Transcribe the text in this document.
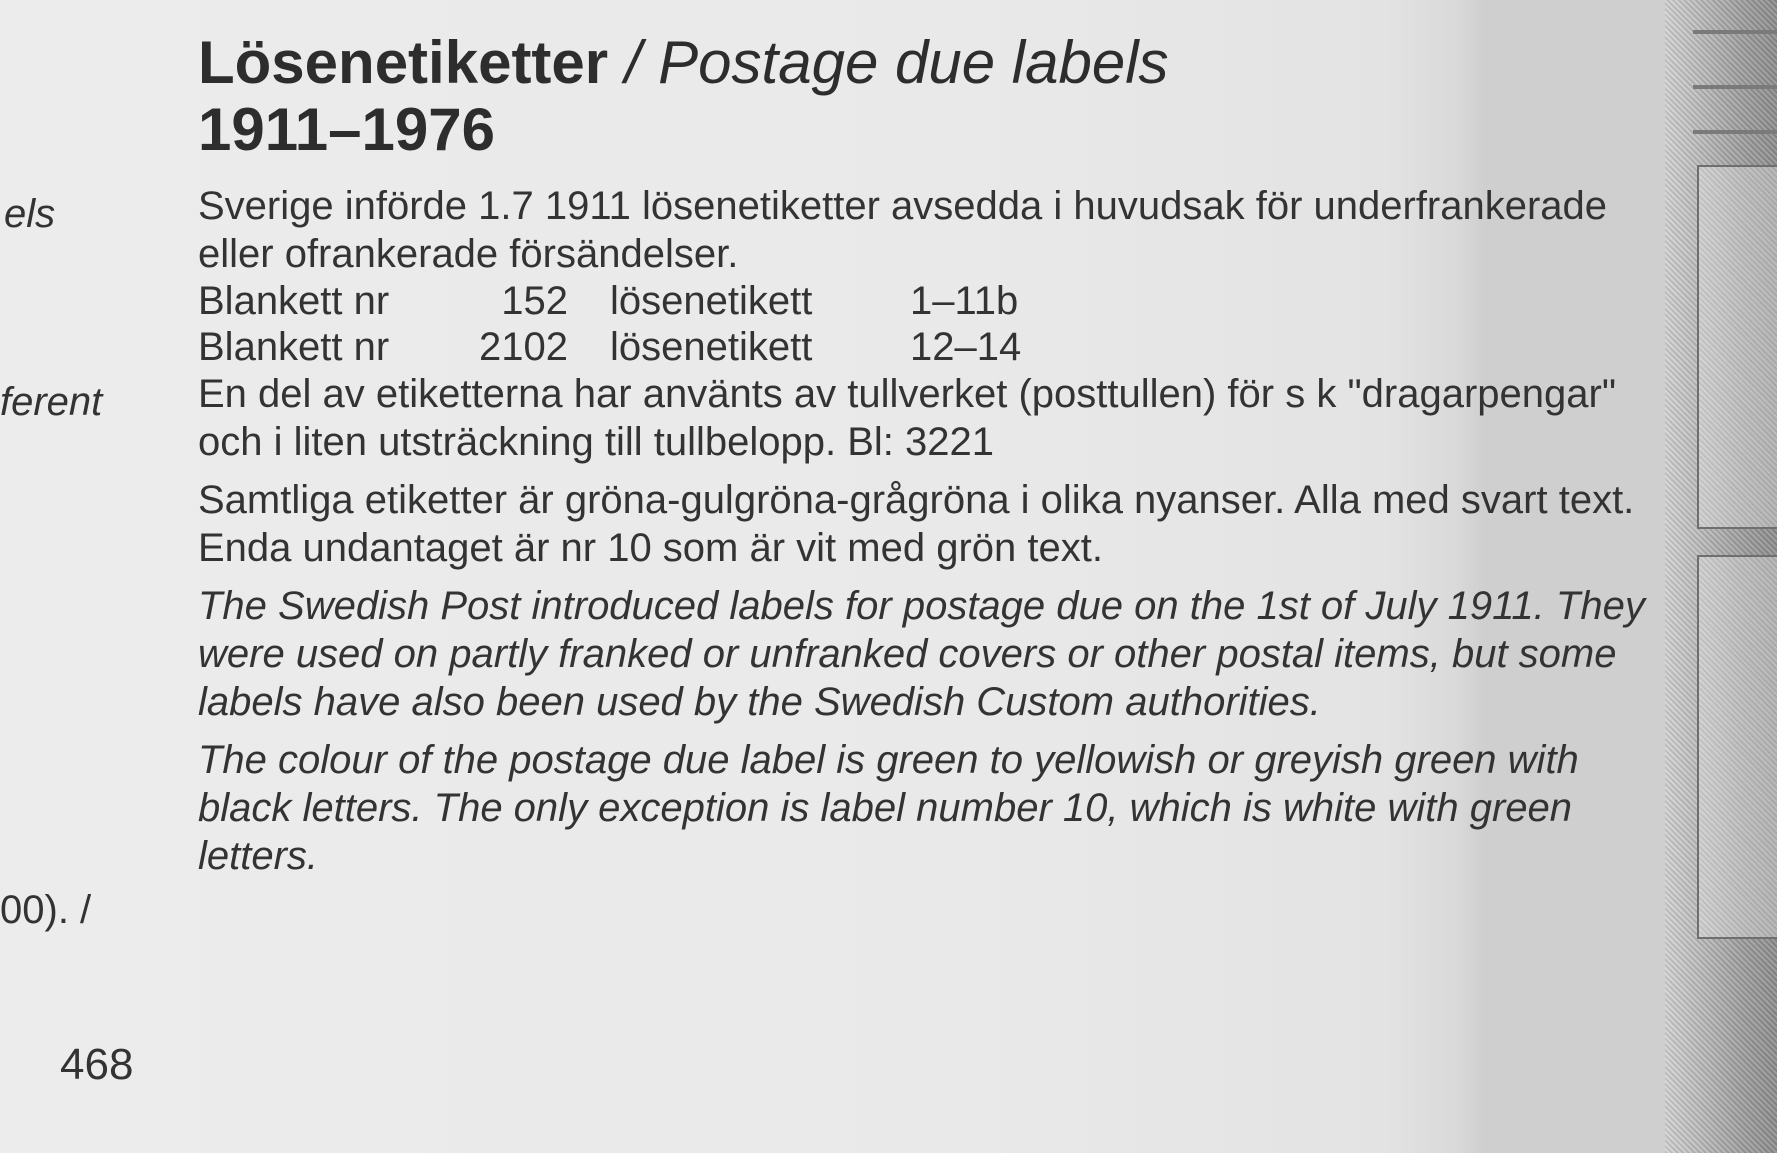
els
ferent
00). /
Lösenetiketter / Postage due labels
1911–1976

Sverige införde 1.7 1911 lösenetiketter avsedda i huvudsak för underfrankerade eller ofrankerade försändelser.

Blankett nr	152	lösenetikett	1–11b
Blankett nr	2102	lösenetikett	12–14

En del av etiketterna har använts av tullverket (posttullen) för s k "dragarpengar" och i liten utsträckning till tullbelopp. Bl: 3221

Samtliga etiketter är gröna-gulgröna-grågröna i olika nyanser. Alla med svart text. Enda undantaget är nr 10 som är vit med grön text.

The Swedish Post introduced labels for postage due on the 1st of July 1911. They were used on partly franked or unfranked covers or other postal items, but some labels have also been used by the Swedish Custom authorities.

The colour of the postage due label is green to yellowish or greyish green with black letters. The only exception is label number 10, which is white with green letters.

468
